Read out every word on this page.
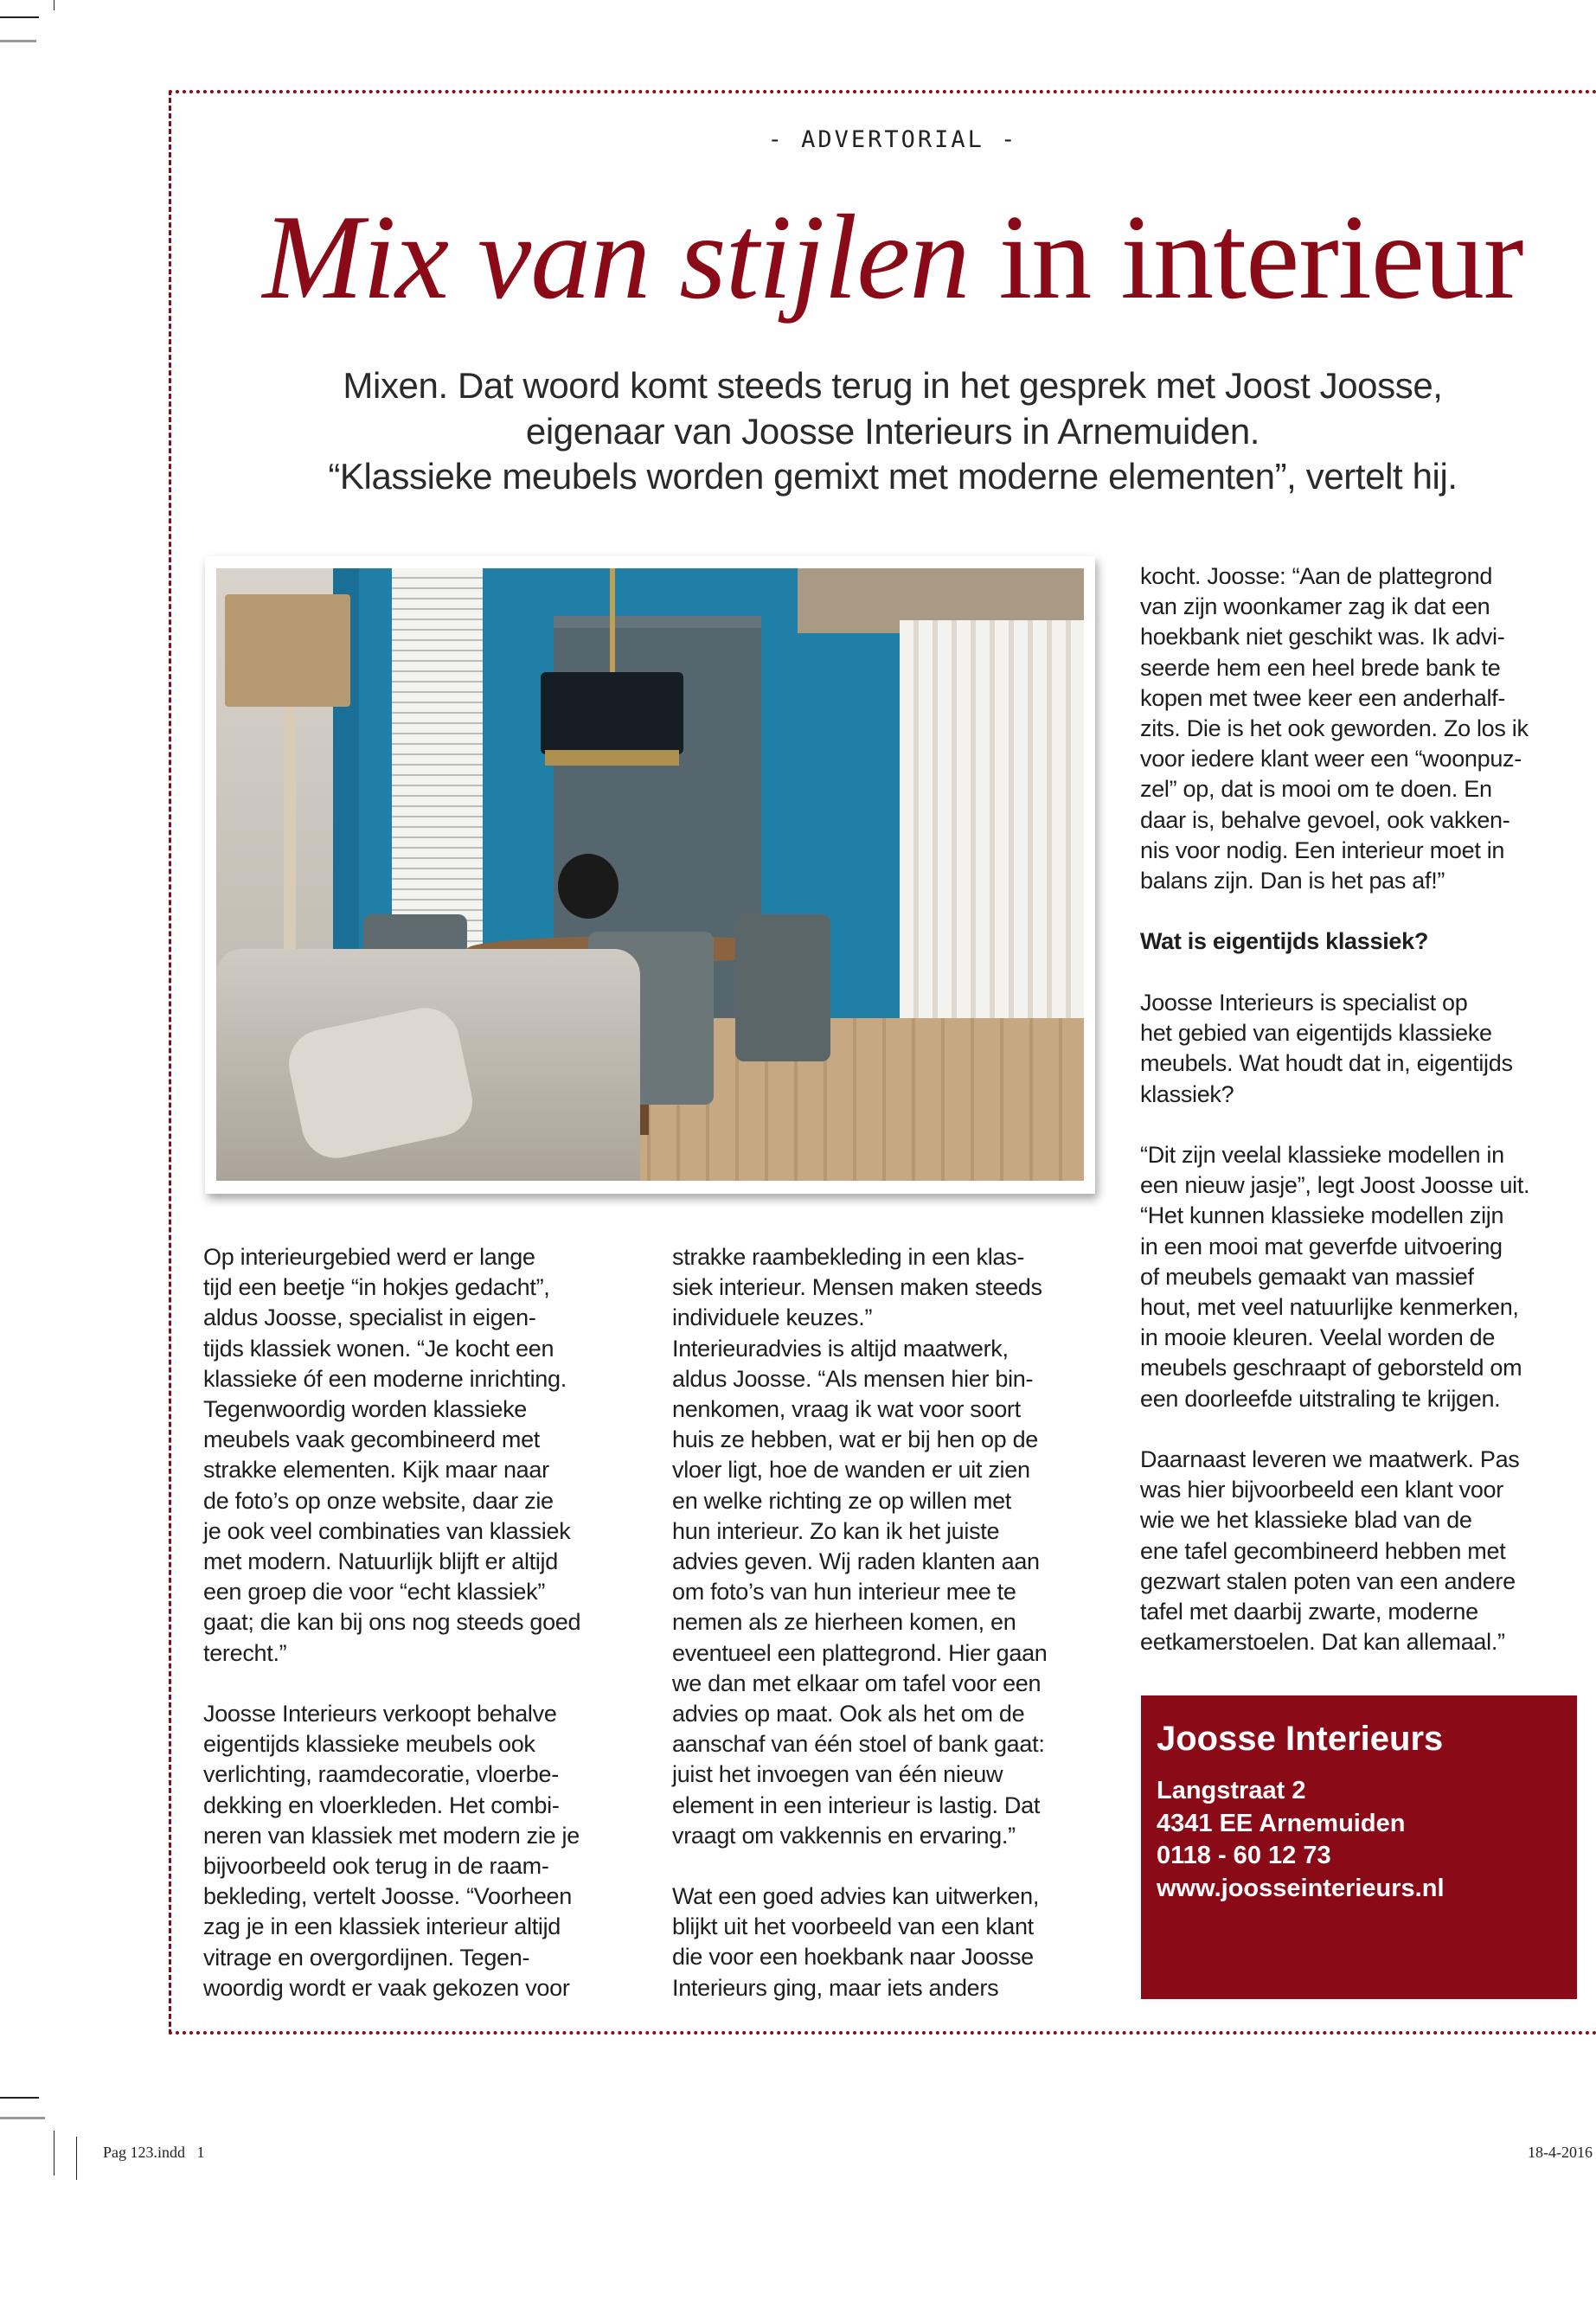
- ADVERTORIAL -
Mix van stijlen in interieur
Mixen. Dat woord komt steeds terug in het gesprek met Joost Joosse,
eigenaar van Joosse Interieurs in Arnemuiden.
“Klassieke meubels worden gemixt met moderne elementen”, vertelt hij.

Op interieurgebied werd er lange
tijd een beetje “in hokjes gedacht”,
aldus Joosse, specialist in eigen-
tijds klassiek wonen. “Je kocht een
klassieke óf een moderne inrichting.
Tegenwoordig worden klassieke
meubels vaak gecombineerd met
strakke elementen. Kijk maar naar
de foto’s op onze website, daar zie
je ook veel combinaties van klassiek
met modern. Natuurlijk blijft er altijd
een groep die voor “echt klassiek”
gaat; die kan bij ons nog steeds goed
terecht.”

Joosse Interieurs verkoopt behalve
eigentijds klassieke meubels ook
verlichting, raamdecoratie, vloerbe-
dekking en vloerkleden. Het combi-
neren van klassiek met modern zie je
bijvoorbeeld ook terug in de raam-
bekleding, vertelt Joosse. “Voorheen
zag je in een klassiek interieur altijd
vitrage en overgordijnen. Tegen-
woordig wordt er vaak gekozen voor

strakke raambekleding in een klas-
siek interieur. Mensen maken steeds
individuele keuzes.”
Interieuradvies is altijd maatwerk,
aldus Joosse. “Als mensen hier bin-
nenkomen, vraag ik wat voor soort
huis ze hebben, wat er bij hen op de
vloer ligt, hoe de wanden er uit zien
en welke richting ze op willen met
hun interieur. Zo kan ik het juiste
advies geven. Wij raden klanten aan
om foto’s van hun interieur mee te
nemen als ze hierheen komen, en
eventueel een plattegrond. Hier gaan
we dan met elkaar om tafel voor een
advies op maat. Ook als het om de
aanschaf van één stoel of bank gaat:
juist het invoegen van één nieuw
element in een interieur is lastig. Dat
vraagt om vakkennis en ervaring.”

Wat een goed advies kan uitwerken,
blijkt uit het voorbeeld van een klant
die voor een hoekbank naar Joosse
Interieurs ging, maar iets anders

kocht. Joosse: “Aan de plattegrond
van zijn woonkamer zag ik dat een
hoekbank niet geschikt was. Ik advi-
seerde hem een heel brede bank te
kopen met twee keer een anderhalf-
zits. Die is het ook geworden. Zo los ik
voor iedere klant weer een “woonpuz-
zel” op, dat is mooi om te doen. En
daar is, behalve gevoel, ook vakken-
nis voor nodig. Een interieur moet in
balans zijn. Dan is het pas af!”

Wat is eigentijds klassiek?

Joosse Interieurs is specialist op
het gebied van eigentijds klassieke
meubels. Wat houdt dat in, eigentijds
klassiek?

“Dit zijn veelal klassieke modellen in
een nieuw jasje”, legt Joost Joosse uit.
“Het kunnen klassieke modellen zijn
in een mooi mat geverfde uitvoering
of meubels gemaakt van massief
hout, met veel natuurlijke kenmerken,
in mooie kleuren. Veelal worden de
meubels geschraapt of geborsteld om
een doorleefde uitstraling te krijgen.

Daarnaast leveren we maatwerk. Pas
was hier bijvoorbeeld een klant voor
wie we het klassieke blad van de
ene tafel gecombineerd hebben met
gezwart stalen poten van een andere
tafel met daarbij zwarte, moderne
eetkamerstoelen. Dat kan allemaal.”

Joosse Interieurs
Langstraat 2
4341 EE Arnemuiden
0118 - 60 12 73
www.joosseinterieurs.nl
Pag 123.indd   1	18-4-2016
